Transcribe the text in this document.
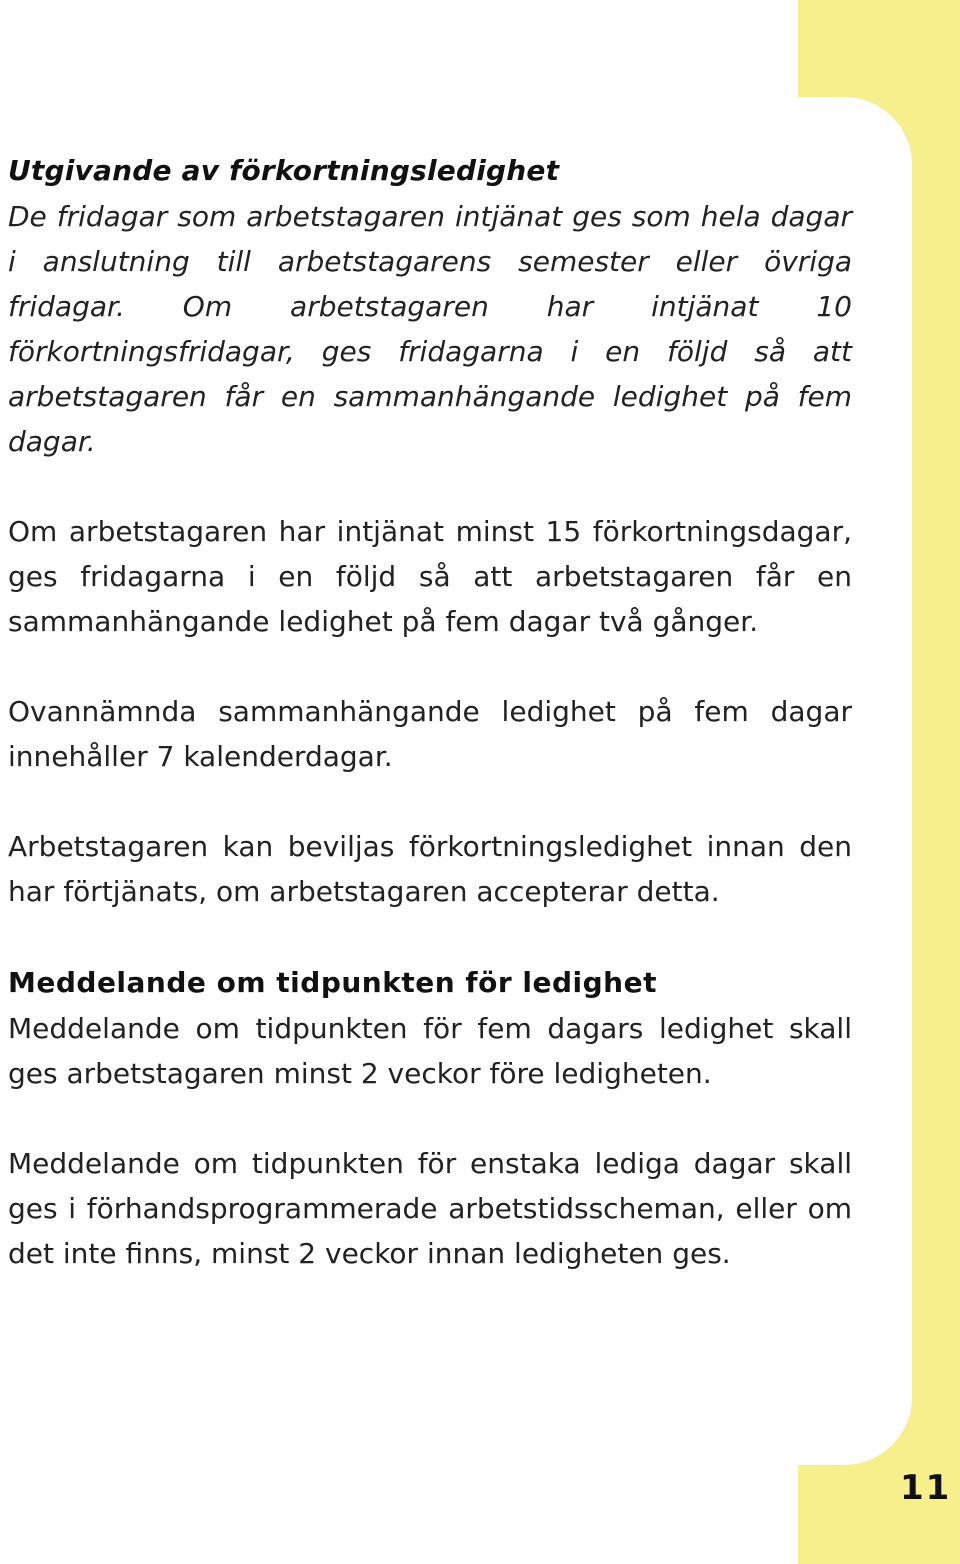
Utgivande av förkortningsledighet

De fridagar som arbetstagaren intjänat ges som hela dagar i anslutning till arbetstagarens semester eller övriga fridagar. Om arbetstagaren har intjänat 10 förkortningsfridagar, ges fridagarna i en följd så att arbetstagaren får en sammanhängande ledighet på fem dagar.

Om arbetstagaren har intjänat minst 15 förkortningsdagar, ges fridagarna i en följd så att arbetstagaren får en sammanhängande ledighet på fem dagar två gånger.

Ovannämnda sammanhängande ledighet på fem dagar innehåller 7 kalenderdagar.

Arbetstagaren kan beviljas förkortningsledighet innan den har förtjänats, om arbetstagaren accepterar detta.

Meddelande om tidpunkten för ledighet

Meddelande om tidpunkten för fem dagars ledighet skall ges arbetstagaren minst 2 veckor före ledigheten.

Meddelande om tidpunkten för enstaka lediga dagar skall ges i förhandsprogrammerade arbetstidsscheman, eller om det inte finns, minst 2 veckor innan ledigheten ges.

11
